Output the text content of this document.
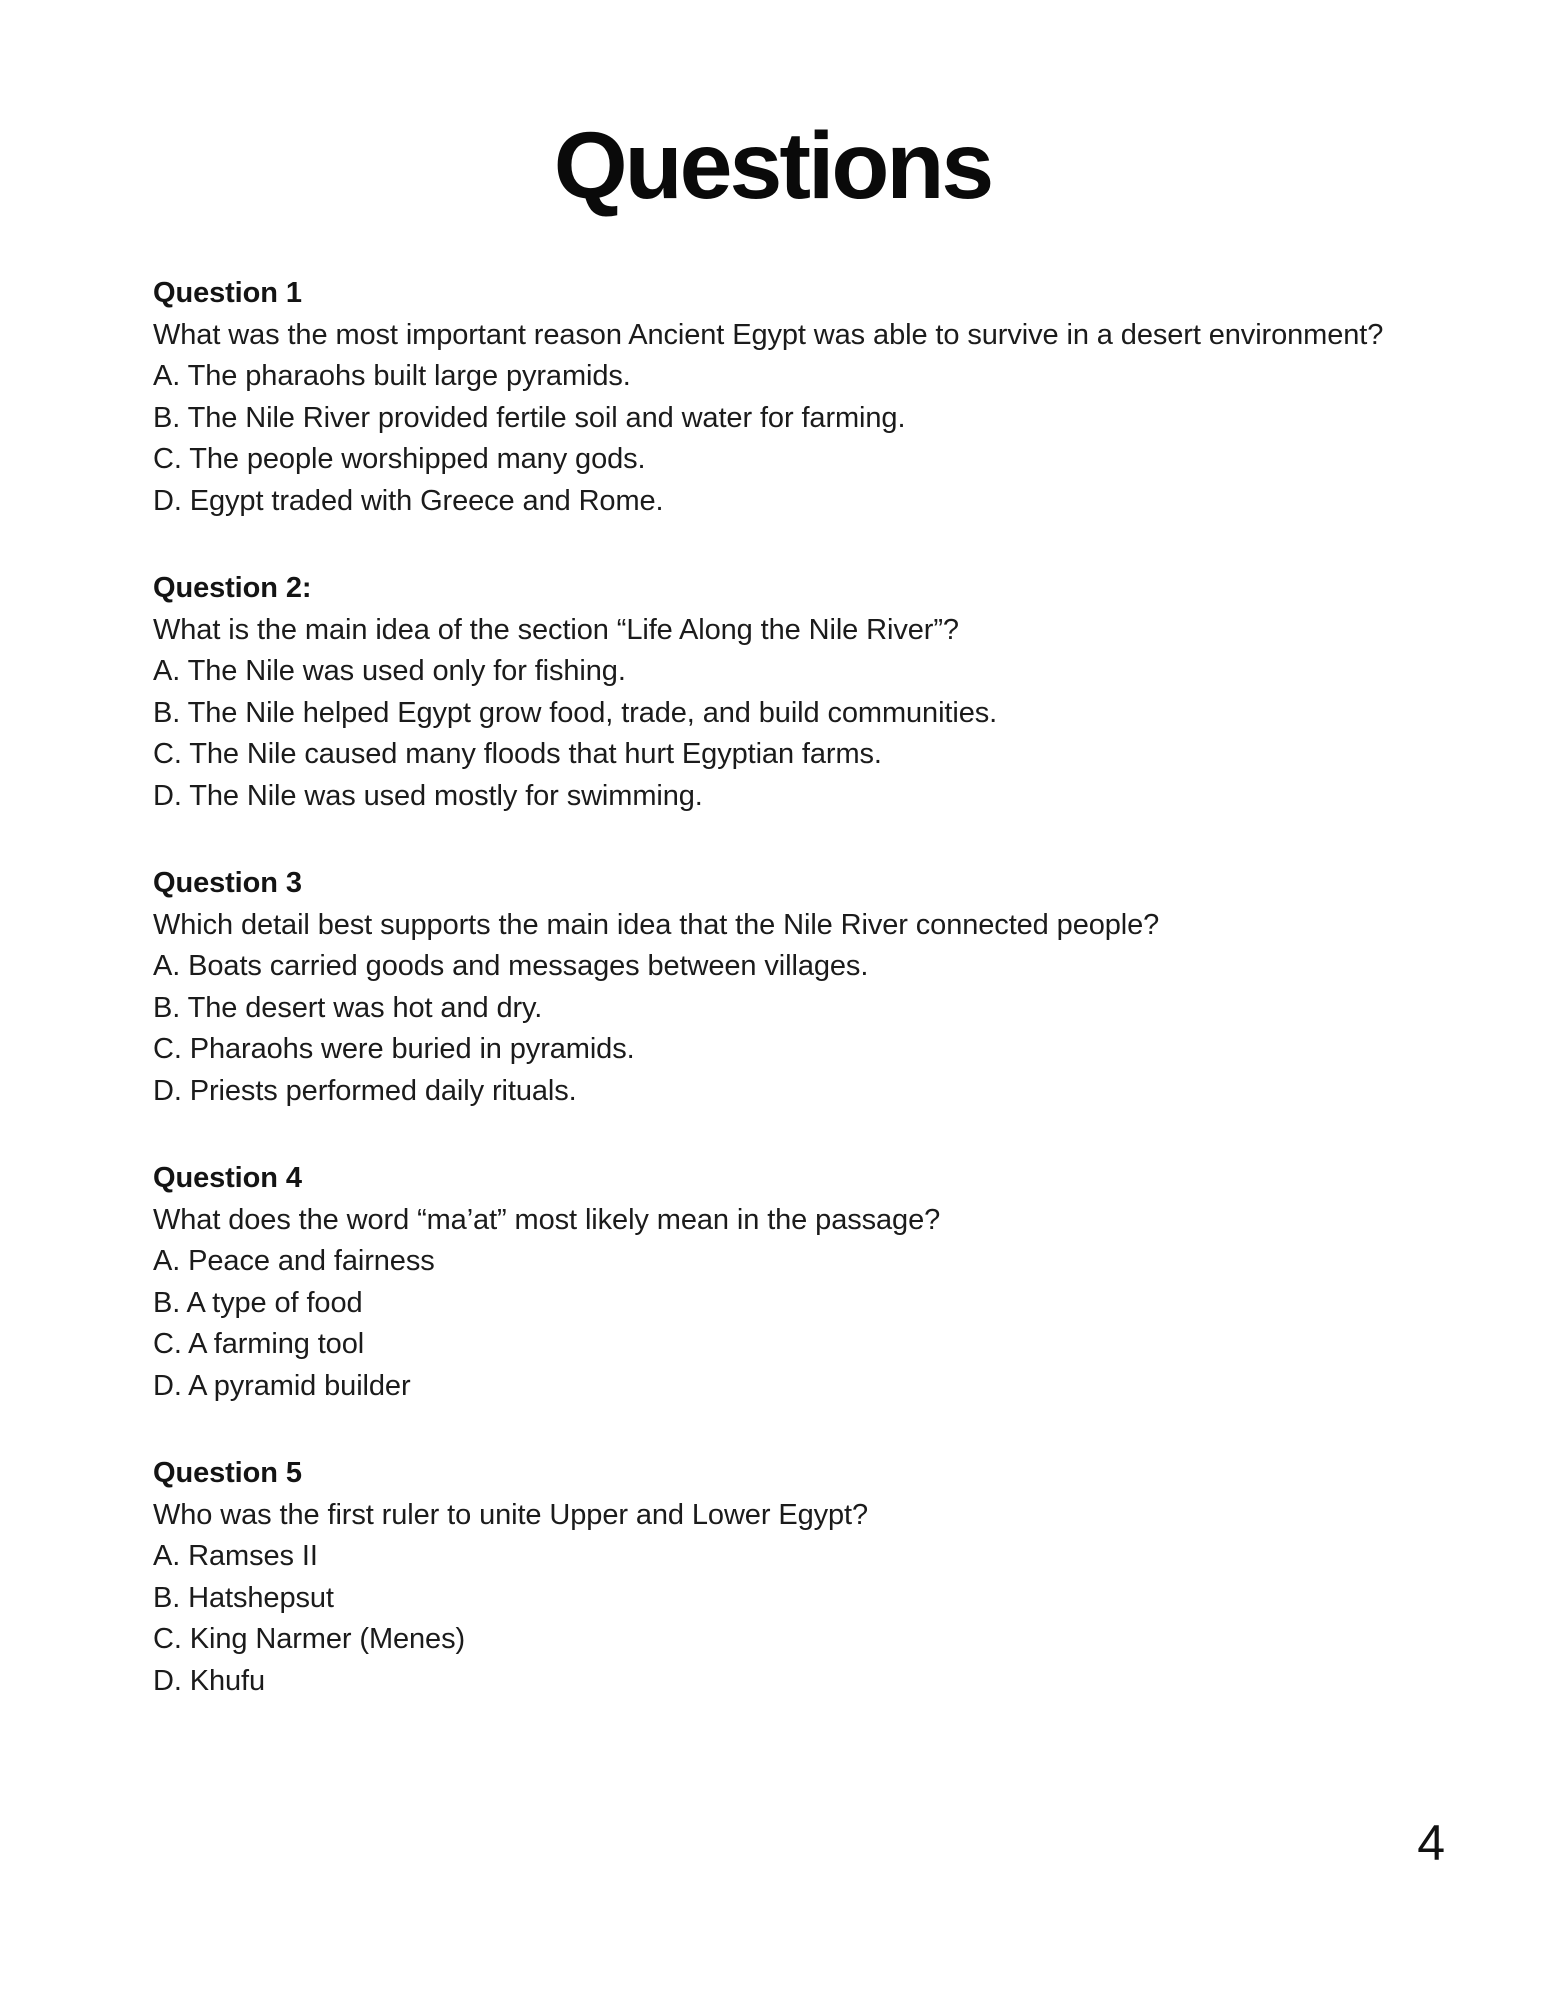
Questions
Question 1

What was the most important reason Ancient Egypt was able to survive in a desert environment?

A. The pharaohs built large pyramids.

B. The Nile River provided fertile soil and water for farming.

C. The people worshipped many gods.

D. Egypt traded with Greece and Rome.

Question 2:

What is the main idea of the section “Life Along the Nile River”?

A. The Nile was used only for fishing.

B. The Nile helped Egypt grow food, trade, and build communities.

C. The Nile caused many floods that hurt Egyptian farms.

D. The Nile was used mostly for swimming.

Question 3

Which detail best supports the main idea that the Nile River connected people?

A. Boats carried goods and messages between villages.

B. The desert was hot and dry.

C. Pharaohs were buried in pyramids.

D. Priests performed daily rituals.

Question 4

What does the word “ma’at” most likely mean in the passage?

A. Peace and fairness

B. A type of food

C. A farming tool

D. A pyramid builder

Question 5

Who was the first ruler to unite Upper and Lower Egypt?

A. Ramses II

B. Hatshepsut

C. King Narmer (Menes)

D. Khufu

4
